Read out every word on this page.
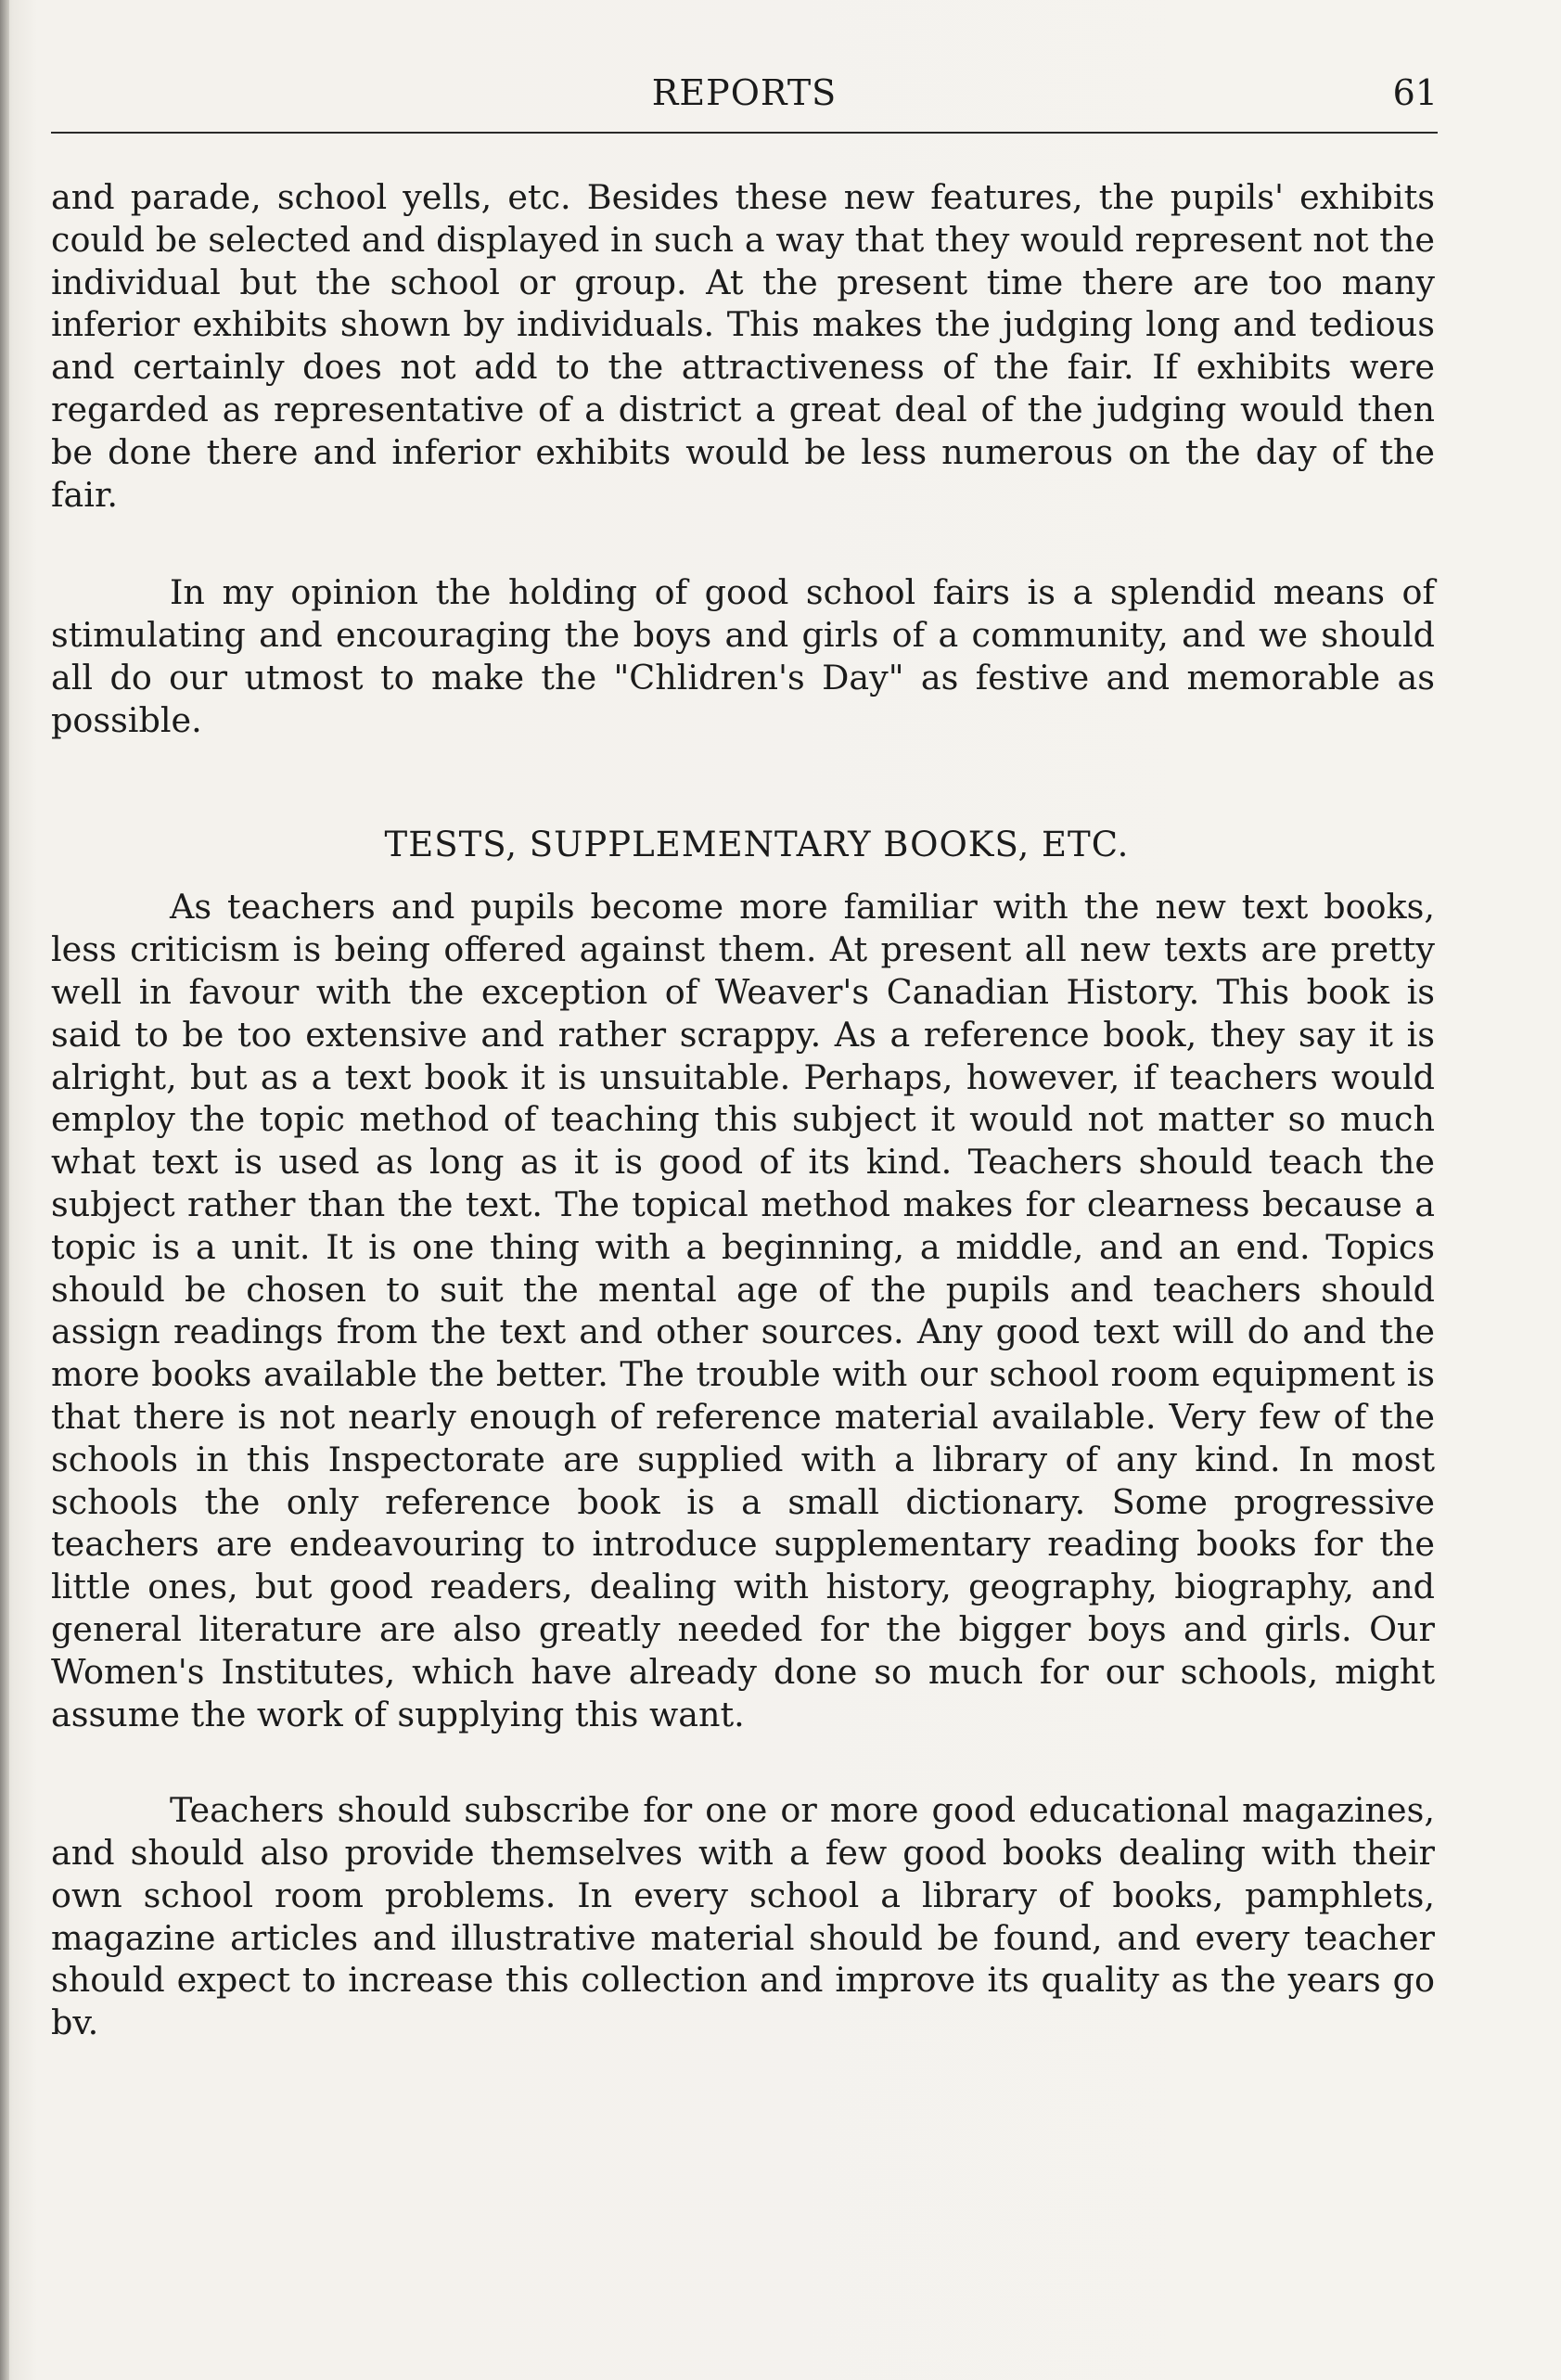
REPORTS	61

and parade, school yells, etc. Besides these new features, the pupils' exhibits could be selected and displayed in such a way that they would represent not the individual but the school or group. At the present time there are too many inferior exhibits shown by individuals. This makes the judging long and tedious and certainly does not add to the attractiveness of the fair. If exhibits were regarded as representative of a district a great deal of the judging would then be done there and inferior exhibits would be less numerous on the day of the fair.

In my opinion the holding of good school fairs is a splendid means of stimulating and encouraging the boys and girls of a community, and we should all do our utmost to make the "Chlidren's Day" as festive and memorable as possible.

TESTS, SUPPLEMENTARY BOOKS, ETC.

As teachers and pupils become more familiar with the new text books, less criticism is being offered against them. At present all new texts are pretty well in favour with the exception of Weaver's Canadian History. This book is said to be too extensive and rather scrappy. As a reference book, they say it is alright, but as a text book it is unsuitable. Perhaps, however, if teachers would employ the topic method of teaching this subject it would not matter so much what text is used as long as it is good of its kind. Teachers should teach the subject rather than the text. The topical method makes for clearness because a topic is a unit. It is one thing with a beginning, a middle, and an end. Topics should be chosen to suit the mental age of the pupils and teachers should assign readings from the text and other sources. Any good text will do and the more books available the better. The trouble with our school room equipment is that there is not nearly enough of reference material available. Very few of the schools in this Inspectorate are supplied with a library of any kind. In most schools the only reference book is a small dictionary. Some progressive teachers are endeavouring to introduce supplementary reading books for the little ones, but good readers, dealing with history, geography, biography, and general literature are also greatly needed for the bigger boys and girls. Our Women's Institutes, which have already done so much for our schools, might assume the work of supplying this want.

Teachers should subscribe for one or more good educational magazines, and should also provide themselves with a few good books dealing with their own school room problems. In every school a library of books, pamphlets, magazine articles and illustrative material should be found, and every teacher should expect to increase this collection and improve its quality as the years go bv.
